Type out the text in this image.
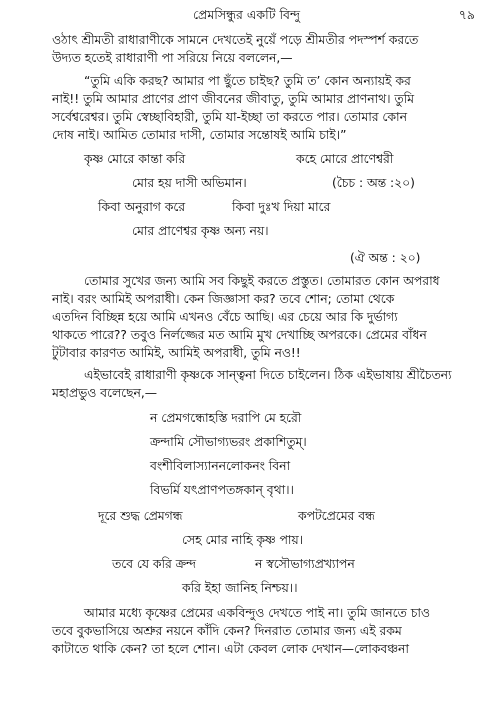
প্রেমসিন্ধুর একটি বিন্দু	৭৯
ওঠাৎ শ্রীমতী রাধারাণীকে সামনে দেখতেই নুয়েঁ পড়ে শ্রীমতীর পদস্পর্শ করতে
উদ্যত হতেই রাধারাণী পা সরিয়ে নিয়ে বললেন,—
“তুমি একি করছ? আমার পা ছুঁতে চাইছ? তুমি ত’ কোন অন্যায়ই কর
নাই!! তুমি আমার প্রাণের প্রাণ জীবনের জীবাতু, তুমি আমার প্রাণনাথ। তুমি
সর্বেশ্বরেশ্বর। তুমি স্বেচ্ছাবিহারী, তুমি যা-ইচ্ছা তা করতে পার। তোমার কোন
দোষ নাই। আমিত তোমার দাসী, তোমার সন্তোষই আমি চাই।”
কৃষ্ণ মোরে কান্তা করি	কহে মোরে প্রাণেশ্বরী
মোর হয় দাসী অভিমান।	(চৈচ : অন্ত :২০)
কিবা অনুরাগ করে	কিবা দুঃখ দিয়া মারে
মোর প্রাণেশ্বর কৃষ্ণ অন্য নয়।
(ঐ অন্ত : ২০)
তোমার সুখের জন্য আমি সব কিছুই করতে প্রস্তুত। তোমারত কোন অপরাধ
নাই। বরং আমিই অপরাধী। কেন জিজ্ঞাসা কর? তবে শোন; তোমা থেকে
এতদিন বিচ্ছিন্ন হয়ে আমি এখনও বেঁচে আছি। এর চেয়ে আর কি দুর্ভাগ্য
থাকতে পারে?? তবুও নির্লজ্জের মত আমি মুখ দেখাচ্ছি অপরকে। প্রেমের বাঁধন
টুটাবার কারণত আমিই, আমিই অপরাধী, তুমি নও!!
এইভাবেই রাধারাণী কৃষ্ণকে সান্ত্বনা দিতে চাইলেন। ঠিক এইভাষায় শ্রীচৈতন্য
মহাপ্রভুও বলেছেন,—
ন প্রেমগন্ধোহস্তি দরাপি মে হরৌ
ক্রন্দামি সৌভাগ্যভরং প্রকাশিতুম্।
বংশীবিলাস্যাননলোকনং বিনা
বিভর্মি যৎপ্রাণপতঙ্গকান্ বৃথা।।
দূরে শুদ্ধ প্রেমগন্ধ	কপটপ্রেমের বন্ধ
সেহ মোর নাহি কৃষ্ণ পায়।
তবে যে করি ক্রন্দ	ন স্বসৌভাগ্যপ্রখ্যাপন
করি ইহা জানিহ নিশ্চয়।।
আমার মধ্যে কৃষ্ণের প্রেমের একবিন্দুও দেখতে পাই না। তুমি জানতে চাও
তবে বুকভাসিয়ে অশ্রুর নয়নে কাঁদি কেন? দিনরাত তোমার জন্য এই রকম
কাটাতে থাকি কেন? তা হলে শোন। এটা কেবল লোক দেখান—লোকবঞ্চনা
